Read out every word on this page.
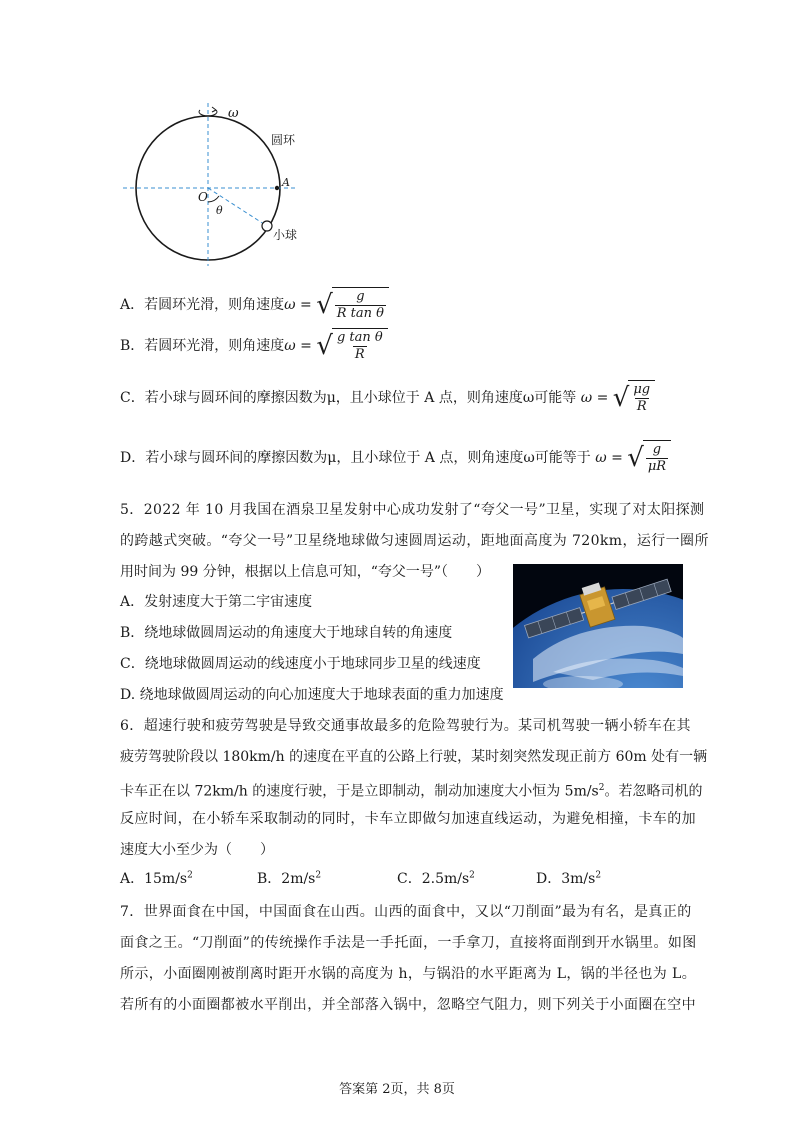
ω
圆环
A
O
θ
小球
A．若圆环光滑，则角速度ω = √ $\frac{g}{\text{R tan θ}}$
B．若圆环光滑，则角速度ω = √ $\frac{\text{g tan θ}}{R}$
C．若小球与圆环间的摩擦因数为μ，且小球位于 A 点，则角速度ω可能等 ω = √ $\frac{\mu g}{R}$
D．若小球与圆环间的摩擦因数为μ，且小球位于 A 点，则角速度ω可能等于 ω = √ $\frac{g}{\mu R}$
5．2022 年 10 月我国在酒泉卫星发射中心成功发射了“夸父一号”卫星，实现了对太阳探测
的跨越式突破。“夸父一号”卫星绕地球做匀速圆周运动，距地面高度为 720km，运行一圈所
用时间为 99 分钟，根据以上信息可知，“夸父一号”（　　）
A．发射速度大于第二宇宙速度
B．绕地球做圆周运动的角速度大于地球自转的角速度
C．绕地球做圆周运动的线速度小于地球同步卫星的线速度
D. 绕地球做圆周运动的向心加速度大于地球表面的重力加速度
6．超速行驶和疲劳驾驶是导致交通事故最多的危险驾驶行为。某司机驾驶一辆小轿车在其
疲劳驾驶阶段以 180km/h 的速度在平直的公路上行驶，某时刻突然发现正前方 60m 处有一辆
卡车正在以 72km/h 的速度行驶，于是立即制动，制动加速度大小恒为 $5m/s^2$。若忽略司机的
反应时间，在小轿车采取制动的同时，卡车立即做匀加速直线运动，为避免相撞，卡车的加
速度大小至少为（　　）
A．$15m/s^2$	B．$2m/s^2$	C．$2.5m/s^2$	D．$3m/s^2$
7．世界面食在中国，中国面食在山西。山西的面食中，又以“刀削面”最为有名，是真正的
面食之王。“刀削面”的传统操作手法是一手托面，一手拿刀，直接将面削到开水锅里。如图
所示，小面圈刚被削离时距开水锅的高度为 h，与锅沿的水平距离为 L，锅的半径也为 L。
若所有的小面圈都被水平削出，并全部落入锅中，忽略空气阻力，则下列关于小面圈在空中
答案第 2页，共 8页
